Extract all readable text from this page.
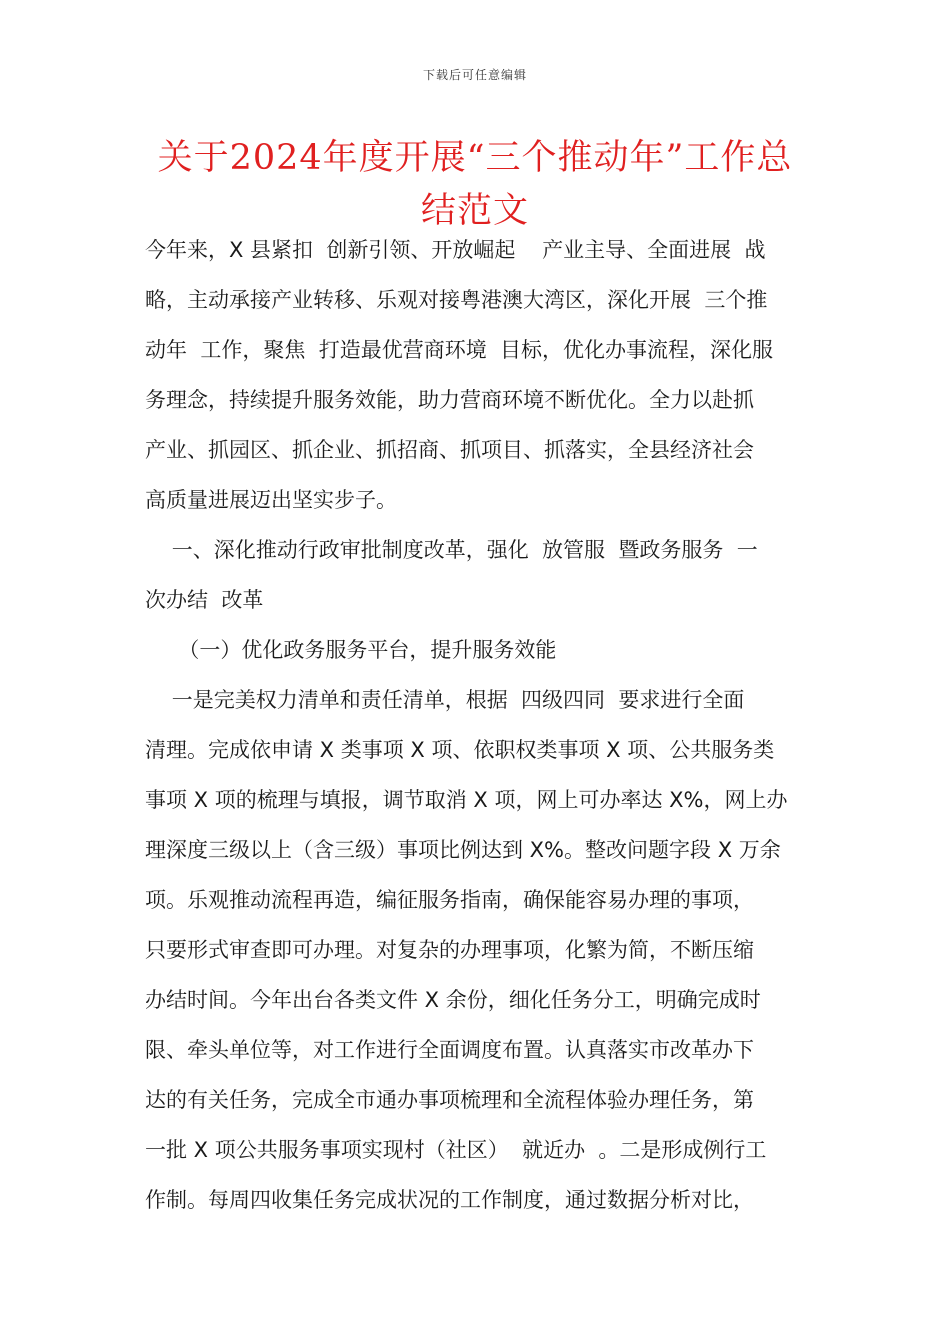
下载后可任意编辑
关于2024年度开展“三个推动年”工作总
结范文
今年来，X 县紧扣  创新引领、开放崛起    产业主导、全面进展  战
略，主动承接产业转移、乐观对接粤港澳大湾区，深化开展  三个推
动年  工作，聚焦  打造最优营商环境  目标，优化办事流程，深化服
务理念，持续提升服务效能，助力营商环境不断优化。全力以赴抓
产业、抓园区、抓企业、抓招商、抓项目、抓落实，全县经济社会
高质量进展迈出坚实步子。
一、深化推动行政审批制度改革，强化  放管服  暨政务服务  一
次办结  改革
（一）优化政务服务平台，提升服务效能
一是完美权力清单和责任清单，根据  四级四同  要求进行全面
清理。完成依申请 X 类事项 X 项、依职权类事项 X 项、公共服务类
事项 X 项的梳理与填报，调节取消 X 项，网上可办率达 X%，网上办
理深度三级以上（含三级）事项比例达到 X%。整改问题字段 X 万余
项。乐观推动流程再造，编征服务指南，确保能容易办理的事项，
只要形式审查即可办理。对复杂的办理事项，化繁为简，不断压缩
办结时间。今年出台各类文件 X 余份，细化任务分工，明确完成时
限、牵头单位等，对工作进行全面调度布置。认真落实市改革办下
达的有关任务，完成全市通办事项梳理和全流程体验办理任务，第
一批 X 项公共服务事项实现村（社区）  就近办  。二是形成例行工
作制。每周四收集任务完成状况的工作制度，通过数据分析对比，
